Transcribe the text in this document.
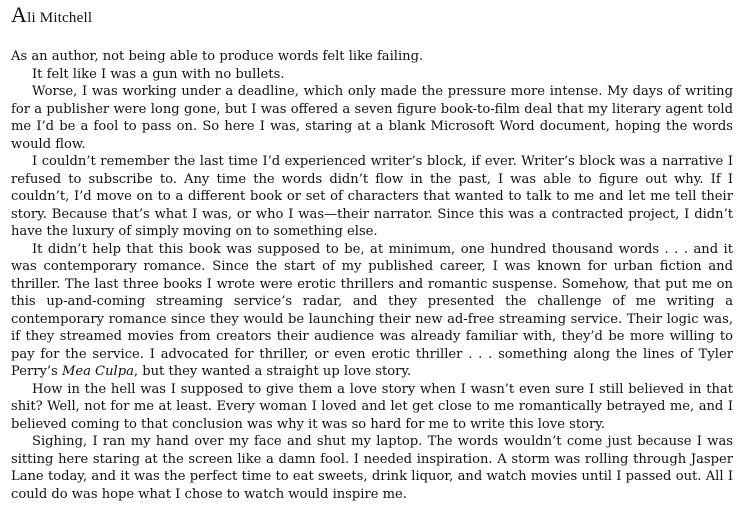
Ali Mitchell

As an author, not being able to produce words felt like failing.

It felt like I was a gun with no bullets.

Worse, I was working under a deadline, which only made the pressure more intense. My days of writing for a publisher were long gone, but I was offered a seven figure book-to-film deal that my literary agent told me I’d be a fool to pass on. So here I was, staring at a blank Microsoft Word document, hoping the words would flow.

I couldn’t remember the last time I’d experienced writer’s block, if ever. Writer’s block was a narrative I refused to subscribe to. Any time the words didn’t flow in the past, I was able to figure out why. If I couldn’t, I’d move on to a different book or set of characters that wanted to talk to me and let me tell their story. Because that’s what I was, or who I was—their narrator. Since this was a contracted project, I didn’t have the luxury of simply moving on to something else.

It didn’t help that this book was supposed to be, at minimum, one hundred thousand words . . . and it was contemporary romance. Since the start of my published career, I was known for urban fiction and thriller. The last three books I wrote were erotic thrillers and romantic suspense. Somehow, that put me on this up-and-coming streaming service’s radar, and they presented the challenge of me writing a contemporary romance since they would be launching their new ad-free streaming service. Their logic was, if they streamed movies from creators their audience was already familiar with, they’d be more willing to pay for the service. I advocated for thriller, or even erotic thriller . . . something along the lines of Tyler Perry’s Mea Culpa, but they wanted a straight up love story.

How in the hell was I supposed to give them a love story when I wasn’t even sure I still believed in that shit? Well, not for me at least. Every woman I loved and let get close to me romantically betrayed me, and I believed coming to that conclusion was why it was so hard for me to write this love story.

Sighing, I ran my hand over my face and shut my laptop. The words wouldn’t come just because I was sitting here staring at the screen like a damn fool. I needed inspiration. A storm was rolling through Jasper Lane today, and it was the perfect time to eat sweets, drink liquor, and watch movies until I passed out. All I could do was hope what I chose to watch would inspire me.
